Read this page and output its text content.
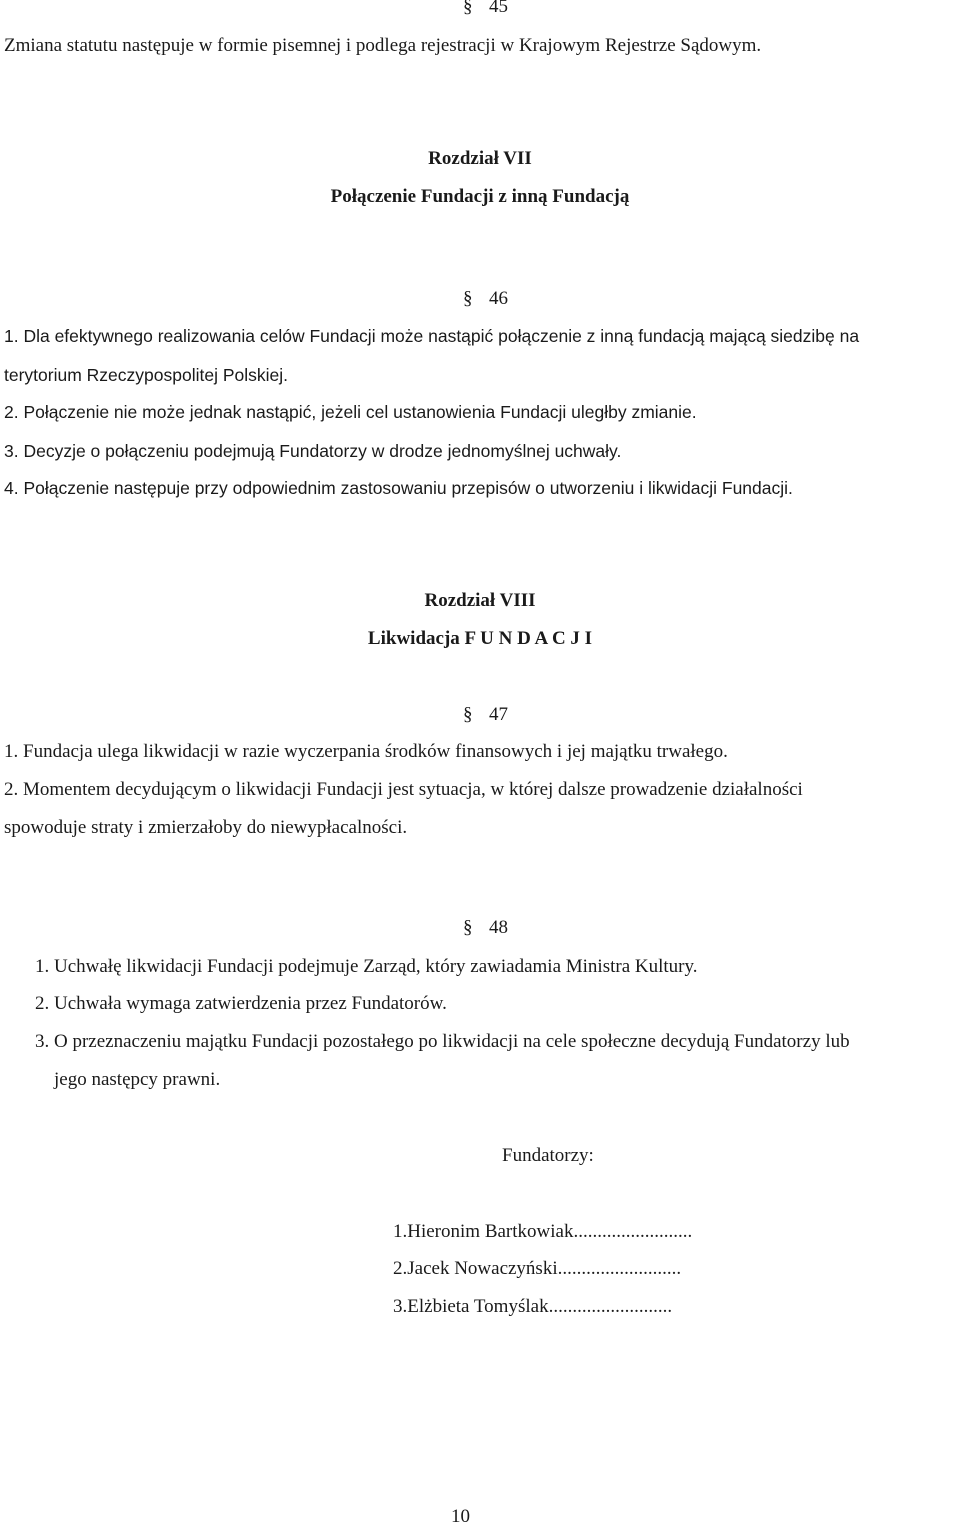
§ 45
Zmiana statutu następuje w formie pisemnej i podlega rejestracji w Krajowym Rejestrze Sądowym.
Rozdział VII
Połączenie Fundacji z inną Fundacją
§ 46
1. Dla efektywnego realizowania celów Fundacji może nastąpić połączenie z inną fundacją mającą siedzibę na
terytorium Rzeczypospolitej Polskiej.
2. Połączenie nie może jednak nastąpić, jeżeli cel ustanowienia Fundacji uległby zmianie.
3. Decyzje o połączeniu podejmują Fundatorzy w drodze jednomyślnej uchwały.
4. Połączenie następuje przy odpowiednim zastosowaniu przepisów o utworzeniu i likwidacji Fundacji.
Rozdział VIII
Likwidacja F U N D A C J I
§ 47
1. Fundacja ulega likwidacji w razie wyczerpania środków finansowych i jej majątku trwałego.
2. Momentem decydującym o likwidacji Fundacji jest sytuacja, w której dalsze prowadzenie działalności
spowoduje straty i zmierzałoby do niewypłacalności.
§ 48
1. Uchwałę likwidacji Fundacji podejmuje Zarząd, który zawiadamia Ministra Kultury.
2. Uchwała wymaga zatwierdzenia przez Fundatorów.
3. O przeznaczeniu majątku Fundacji pozostałego po likwidacji na cele społeczne decydują Fundatorzy lub
jego następcy prawni.
Fundatorzy:
1.Hieronim Bartkowiak.........................
2.Jacek Nowaczyński..........................
3.Elżbieta Tomyślak..........................
10
